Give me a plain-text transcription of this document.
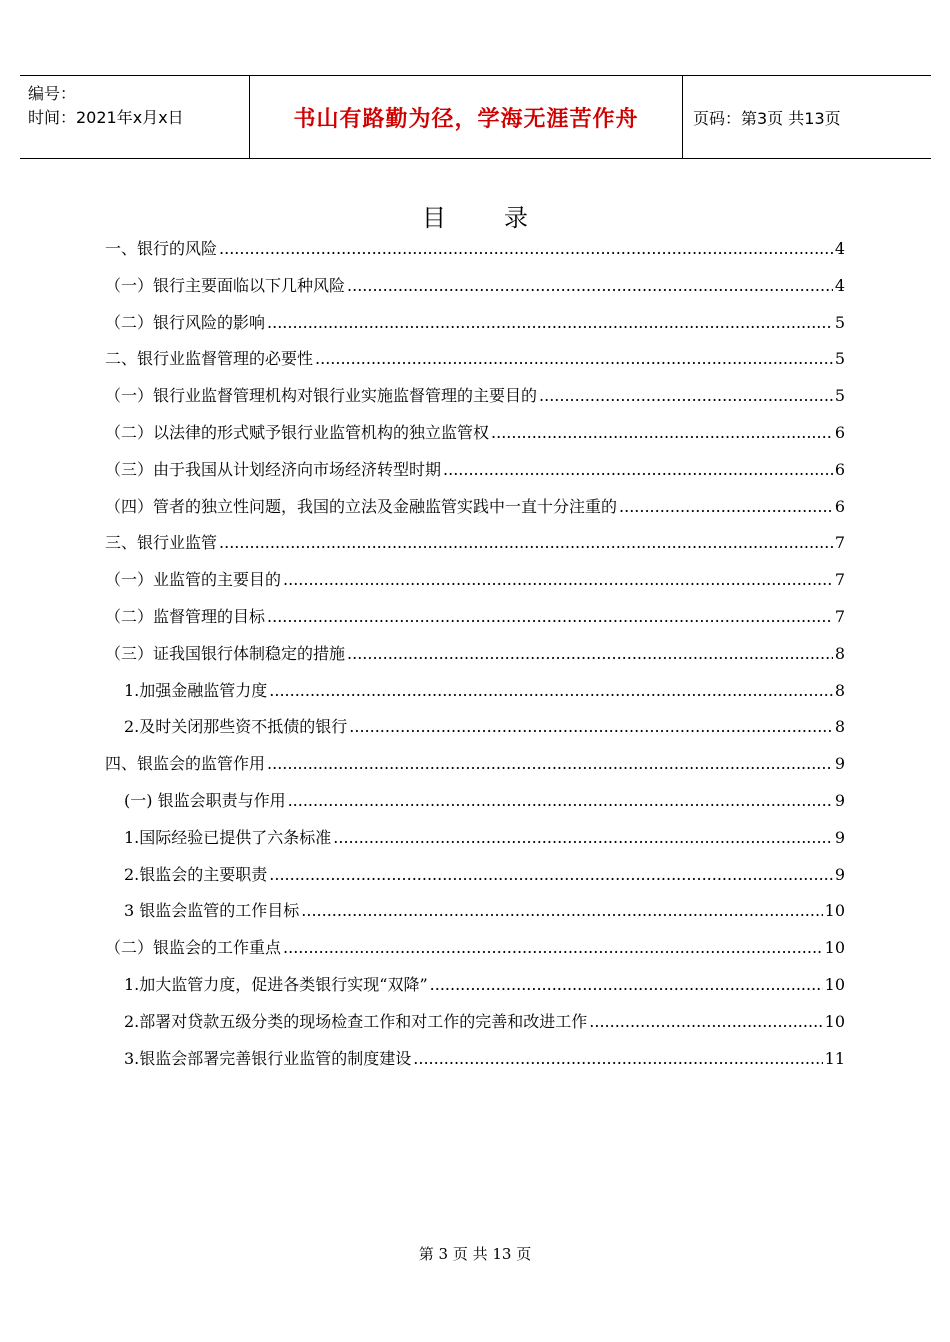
编号：
时间：2021年x月x日	书山有路勤为径，学海无涯苦作舟	页码：第3页 共13页
目录
一、银行的风险 .....	4
（一）银行主要面临以下几种风险 .....	4
（二）银行风险的影响 .....	5
二、银行业监督管理的必要性 .....	5
（一）银行业监督管理机构对银行业实施监督管理的主要目的 .....	5
（二）以法律的形式赋予银行业监管机构的独立监管权 .....	6
（三）由于我国从计划经济向市场经济转型时期 .....	6
（四）管者的独立性问题，我国的立法及金融监管实践中一直十分注重的 .....	6
三、银行业监管 .....	7
（一）业监管的主要目的 .....	7
（二）监督管理的目标 .....	7
（三）证我国银行体制稳定的措施 .....	8
1.加强金融监管力度 .....	8
2.及时关闭那些资不抵债的银行 .....	8
四、银监会的监管作用 .....	9
(一) 银监会职责与作用 .....	9
1.国际经验已提供了六条标准 .....	9
2.银监会的主要职责 .....	9
3 银监会监管的工作目标 .....	10
（二）银监会的工作重点 .....	10
1.加大监管力度，促进各类银行实现“双降” .....	10
2.部署对贷款五级分类的现场检查工作和对工作的完善和改进工作 .....	10
3.银监会部署完善银行业监管的制度建设 .....	11
第 3 页 共 13 页
